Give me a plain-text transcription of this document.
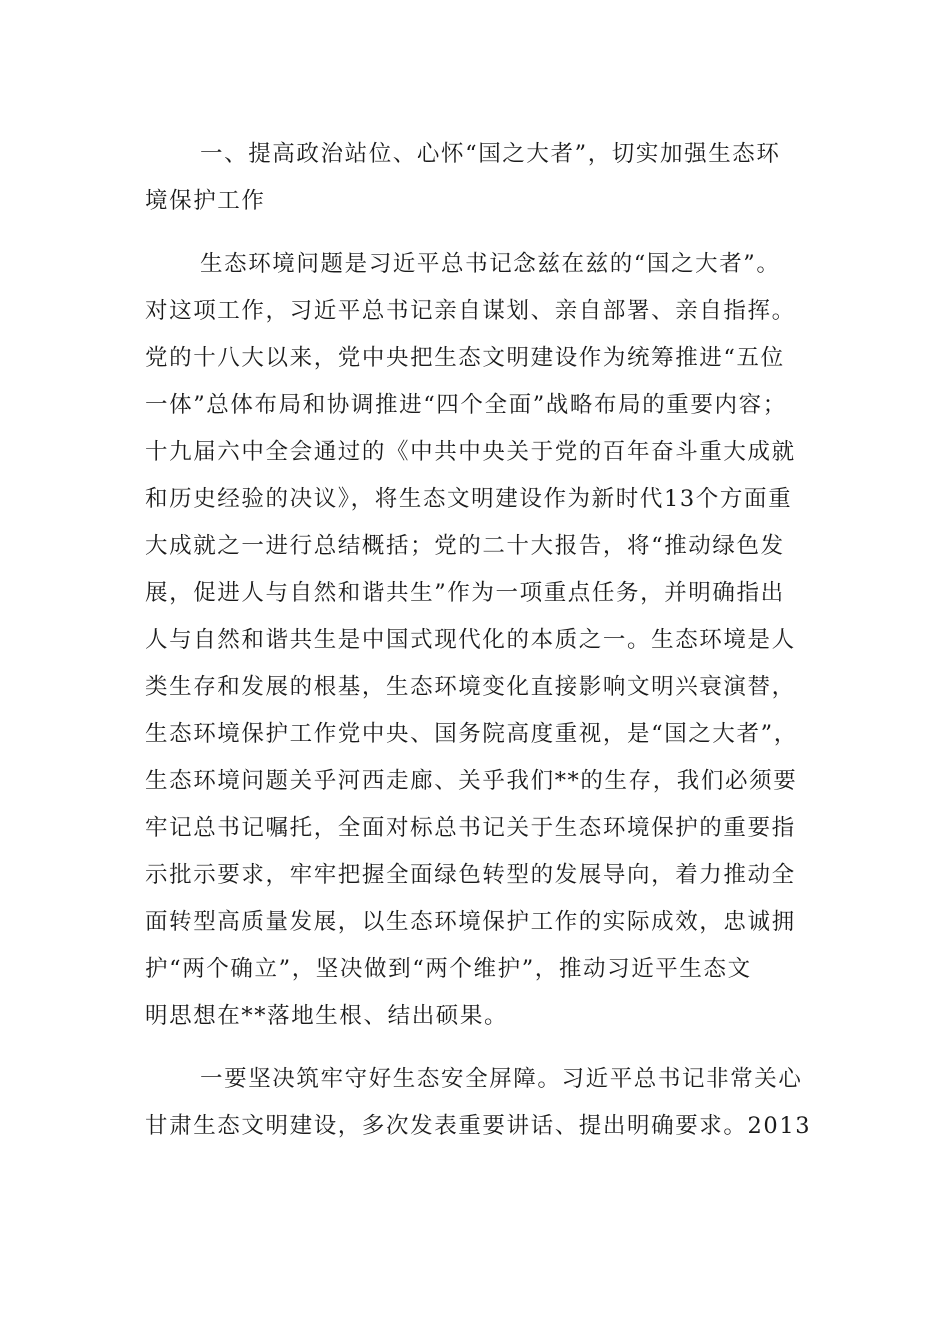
一、提高政治站位、心怀“国之大者”，切实加强生态环
境保护工作
生态环境问题是习近平总书记念兹在兹的“国之大者”。
对这项工作，习近平总书记亲自谋划、亲自部署、亲自指挥。
党的十八大以来，党中央把生态文明建设作为统筹推进“五位
一体”总体布局和协调推进“四个全面”战略布局的重要内容；
十九届六中全会通过的《中共中央关于党的百年奋斗重大成就
和历史经验的决议》，将生态文明建设作为新时代13个方面重
大成就之一进行总结概括；党的二十大报告，将“推动绿色发
展，促进人与自然和谐共生”作为一项重点任务，并明确指出
人与自然和谐共生是中国式现代化的本质之一。生态环境是人
类生存和发展的根基，生态环境变化直接影响文明兴衰演替，
生态环境保护工作党中央、国务院高度重视，是“国之大者”，
生态环境问题关乎河西走廊、关乎我们**的生存，我们必须要
牢记总书记嘱托，全面对标总书记关于生态环境保护的重要指
示批示要求，牢牢把握全面绿色转型的发展导向，着力推动全
面转型高质量发展，以生态环境保护工作的实际成效，忠诚拥
护“两个确立”，坚决做到“两个维护”，推动习近平生态文
明思想在**落地生根、结出硕果。
一要坚决筑牢守好生态安全屏障。习近平总书记非常关心
甘肃生态文明建设，多次发表重要讲话、提出明确要求。2013
